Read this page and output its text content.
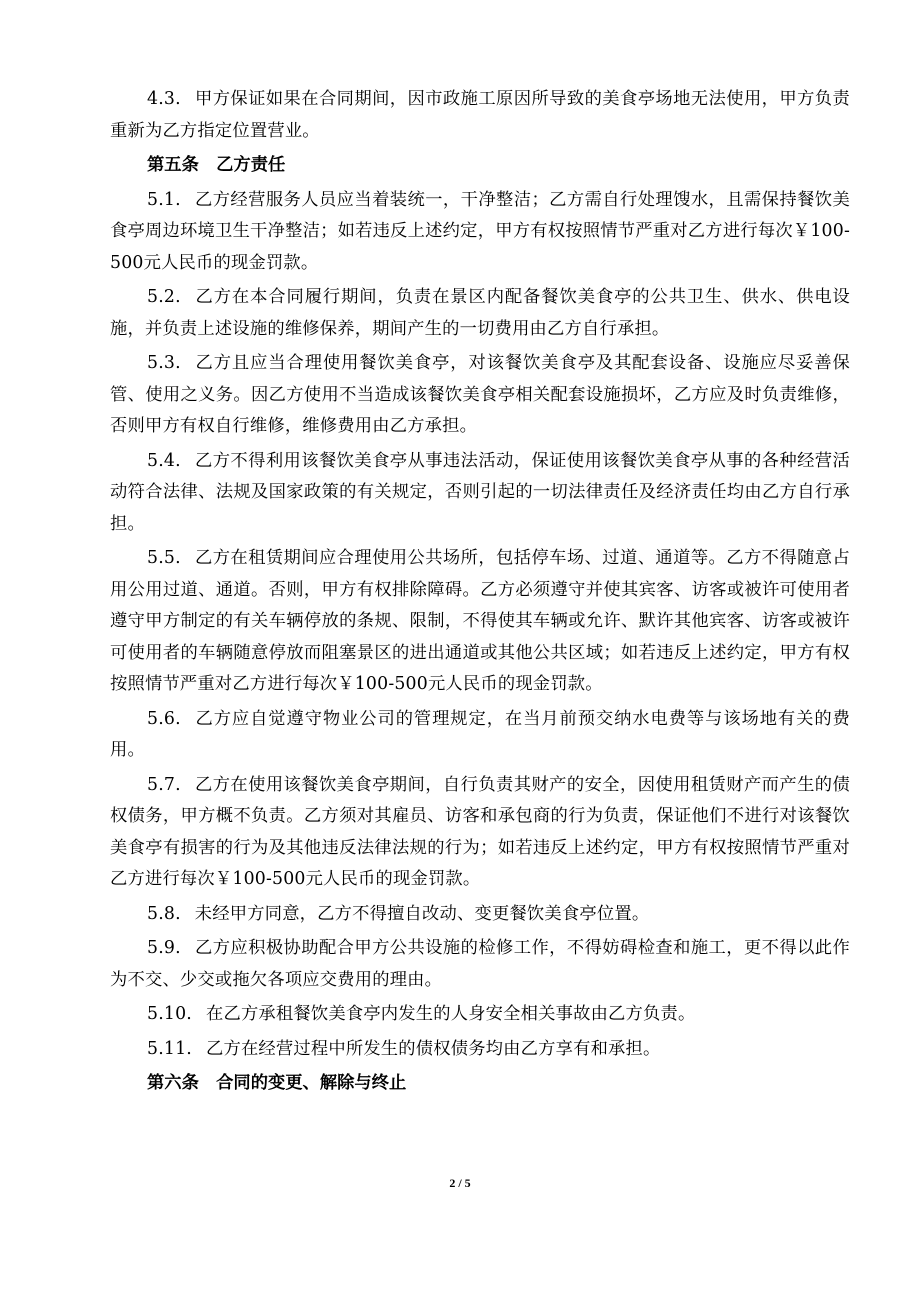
4.3. 甲方保证如果在合同期间，因市政施工原因所导致的美食亭场地无法使用，甲方负责重新为乙方指定位置营业。

第五条　乙方责任

5.1. 乙方经营服务人员应当着装统一，干净整洁；乙方需自行处理馊水，且需保持餐饮美食亭周边环境卫生干净整洁；如若违反上述约定，甲方有权按照情节严重对乙方进行每次￥100-500元人民币的现金罚款。

5.2. 乙方在本合同履行期间，负责在景区内配备餐饮美食亭的公共卫生、供水、供电设施，并负责上述设施的维修保养，期间产生的一切费用由乙方自行承担。

5.3. 乙方且应当合理使用餐饮美食亭，对该餐饮美食亭及其配套设备、设施应尽妥善保管、使用之义务。因乙方使用不当造成该餐饮美食亭相关配套设施损坏，乙方应及时负责维修，否则甲方有权自行维修，维修费用由乙方承担。

5.4. 乙方不得利用该餐饮美食亭从事违法活动，保证使用该餐饮美食亭从事的各种经营活动符合法律、法规及国家政策的有关规定，否则引起的一切法律责任及经济责任均由乙方自行承担。

5.5. 乙方在租赁期间应合理使用公共场所，包括停车场、过道、通道等。乙方不得随意占用公用过道、通道。否则，甲方有权排除障碍。乙方必须遵守并使其宾客、访客或被许可使用者遵守甲方制定的有关车辆停放的条规、限制，不得使其车辆或允许、默许其他宾客、访客或被许可使用者的车辆随意停放而阻塞景区的进出通道或其他公共区域；如若违反上述约定，甲方有权按照情节严重对乙方进行每次￥100-500元人民币的现金罚款。

5.6. 乙方应自觉遵守物业公司的管理规定，在当月前预交纳水电费等与该场地有关的费用。

5.7. 乙方在使用该餐饮美食亭期间，自行负责其财产的安全，因使用租赁财产而产生的债权债务，甲方概不负责。乙方须对其雇员、访客和承包商的行为负责，保证他们不进行对该餐饮美食亭有损害的行为及其他违反法律法规的行为；如若违反上述约定，甲方有权按照情节严重对乙方进行每次￥100-500元人民币的现金罚款。

5.8. 未经甲方同意，乙方不得擅自改动、变更餐饮美食亭位置。

5.9. 乙方应积极协助配合甲方公共设施的检修工作，不得妨碍检查和施工，更不得以此作为不交、少交或拖欠各项应交费用的理由。

5.10. 在乙方承租餐饮美食亭内发生的人身安全相关事故由乙方负责。

5.11. 乙方在经营过程中所发生的债权债务均由乙方享有和承担。

第六条　合同的变更、解除与终止

2 / 5
